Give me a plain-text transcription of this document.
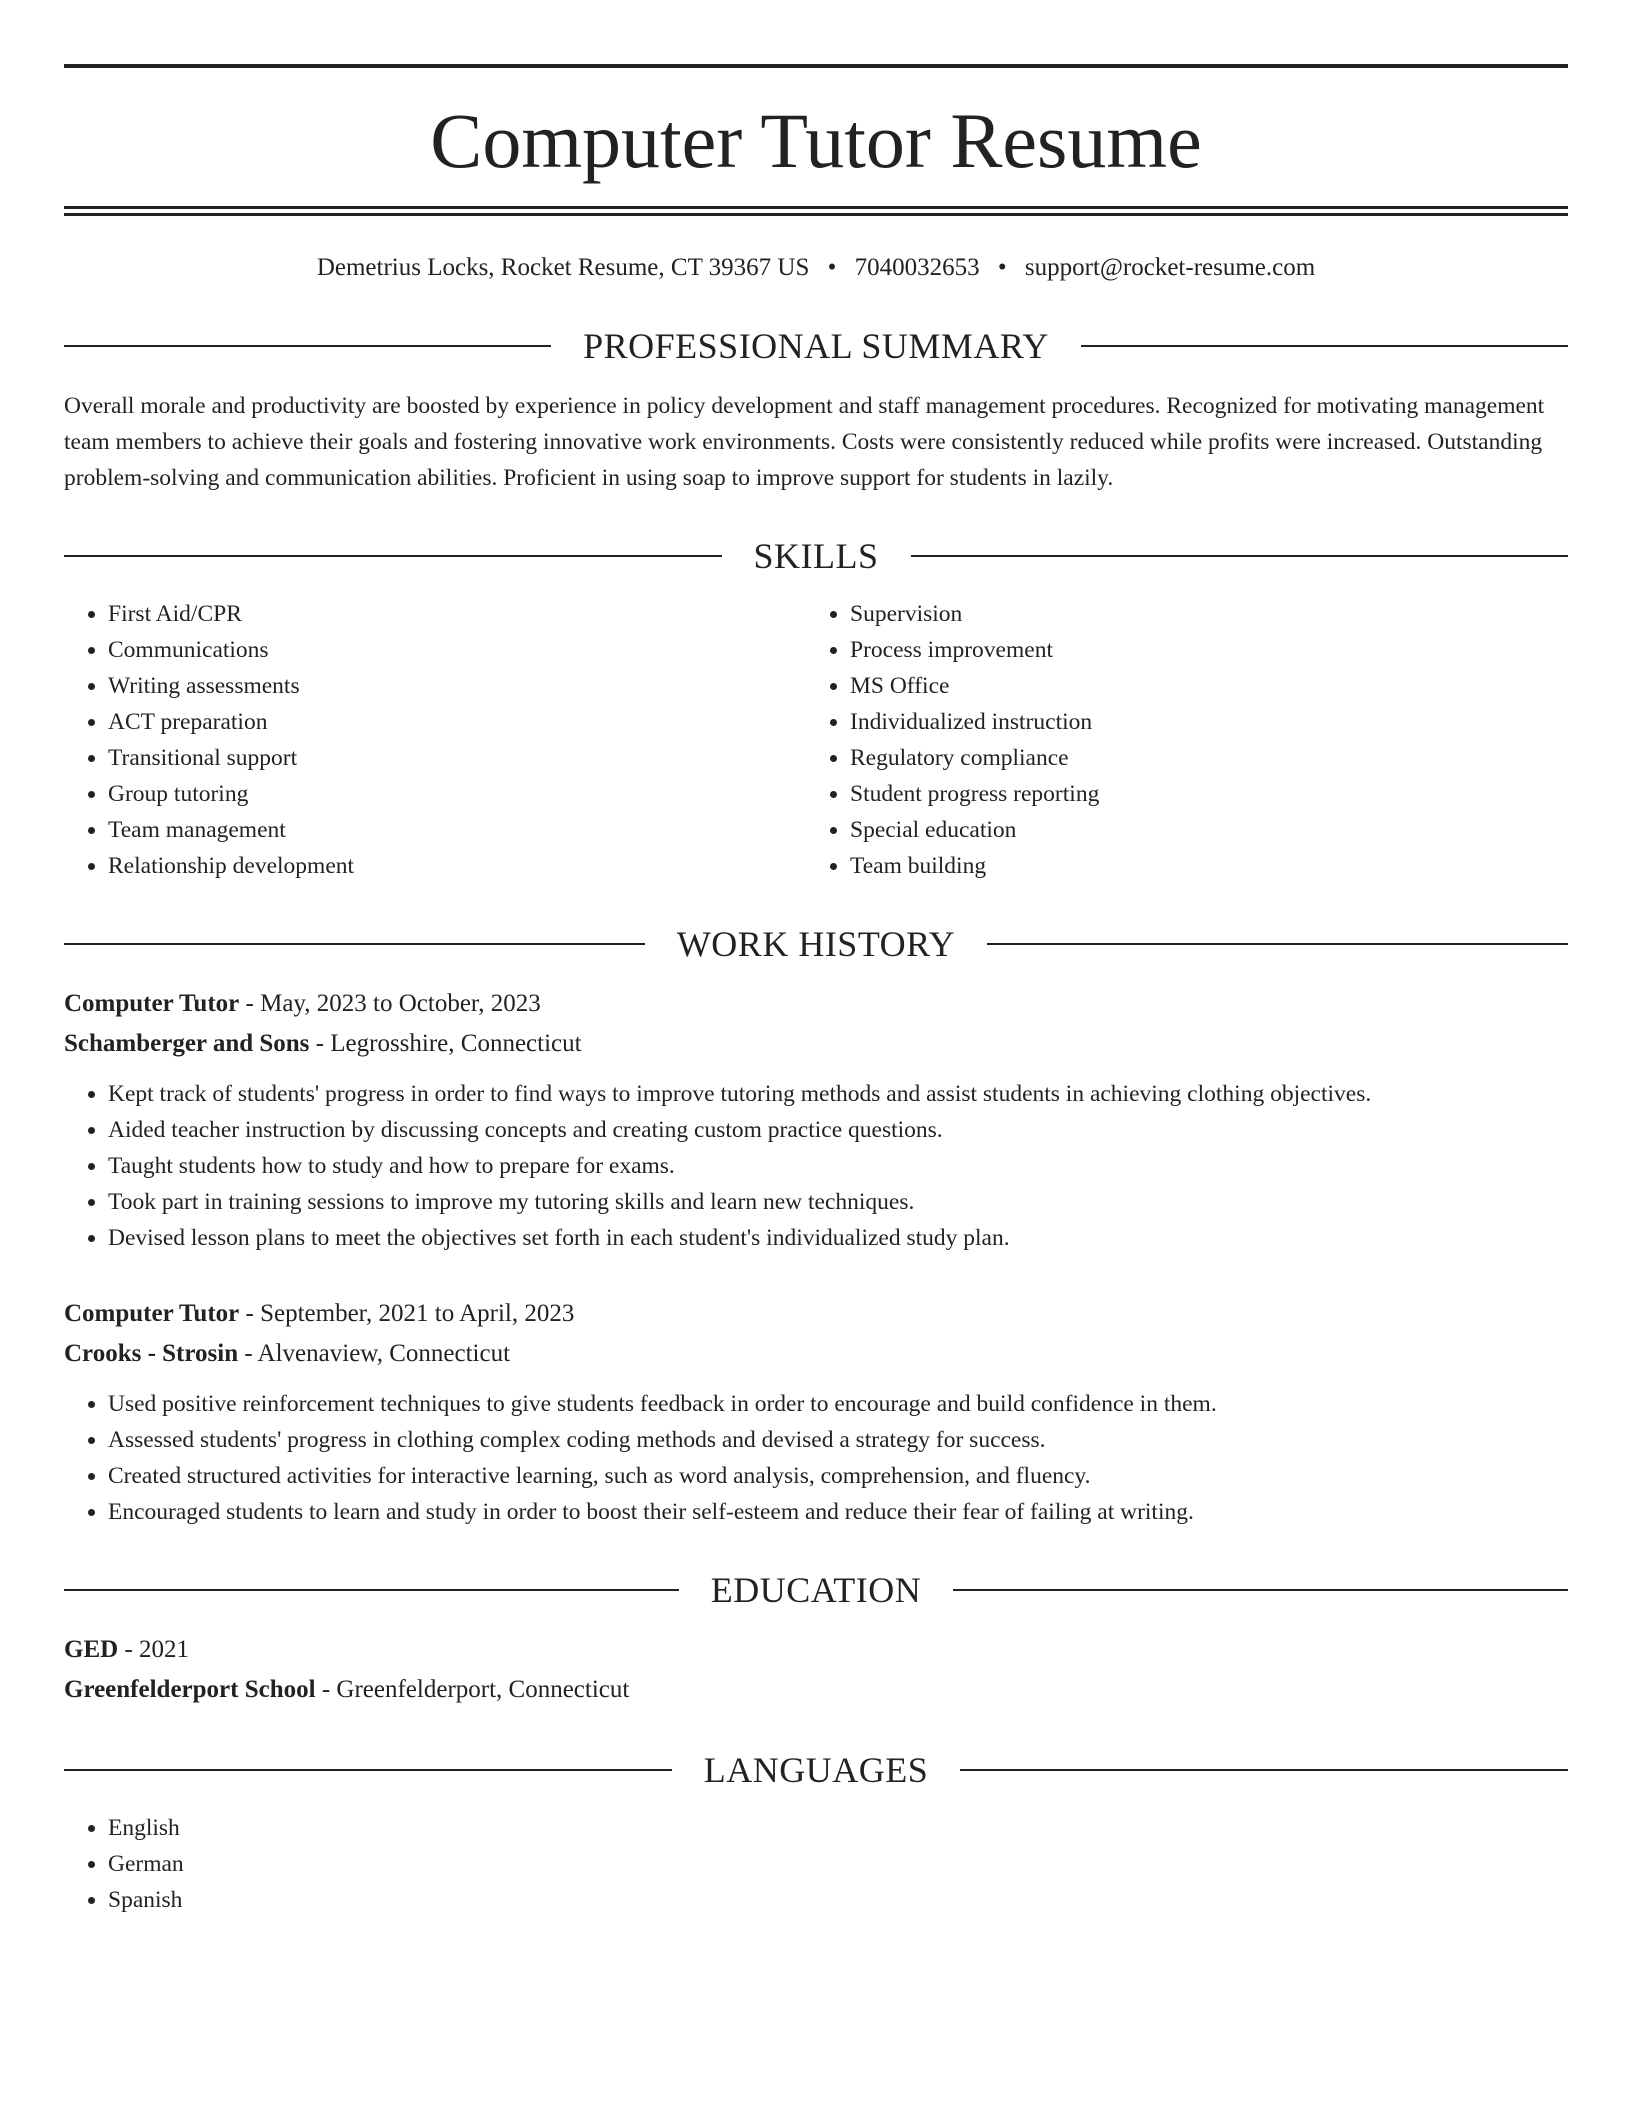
Computer Tutor Resume
Demetrius Locks, Rocket Resume, CT 39367 US • 7040032653 • support@rocket-resume.com
PROFESSIONAL SUMMARY
Overall morale and productivity are boosted by experience in policy development and staff management procedures. Recognized for motivating management team members to achieve their goals and fostering innovative work environments. Costs were consistently reduced while profits were increased. Outstanding problem-solving and communication abilities. Proficient in using soap to improve support for students in lazily.
SKILLS
• First Aid/CPR
• Communications
• Writing assessments
• ACT preparation
• Transitional support
• Group tutoring
• Team management
• Relationship development
• Supervision
• Process improvement
• MS Office
• Individualized instruction
• Regulatory compliance
• Student progress reporting
• Special education
• Team building
WORK HISTORY
Computer Tutor - May, 2023 to October, 2023
Schamberger and Sons - Legrosshire, Connecticut
• Kept track of students' progress in order to find ways to improve tutoring methods and assist students in achieving clothing objectives.
• Aided teacher instruction by discussing concepts and creating custom practice questions.
• Taught students how to study and how to prepare for exams.
• Took part in training sessions to improve my tutoring skills and learn new techniques.
• Devised lesson plans to meet the objectives set forth in each student's individualized study plan.
Computer Tutor - September, 2021 to April, 2023
Crooks - Strosin - Alvenaview, Connecticut
• Used positive reinforcement techniques to give students feedback in order to encourage and build confidence in them.
• Assessed students' progress in clothing complex coding methods and devised a strategy for success.
• Created structured activities for interactive learning, such as word analysis, comprehension, and fluency.
• Encouraged students to learn and study in order to boost their self-esteem and reduce their fear of failing at writing.
EDUCATION
GED - 2021
Greenfelderport School - Greenfelderport, Connecticut
LANGUAGES
• English
• German
• Spanish
